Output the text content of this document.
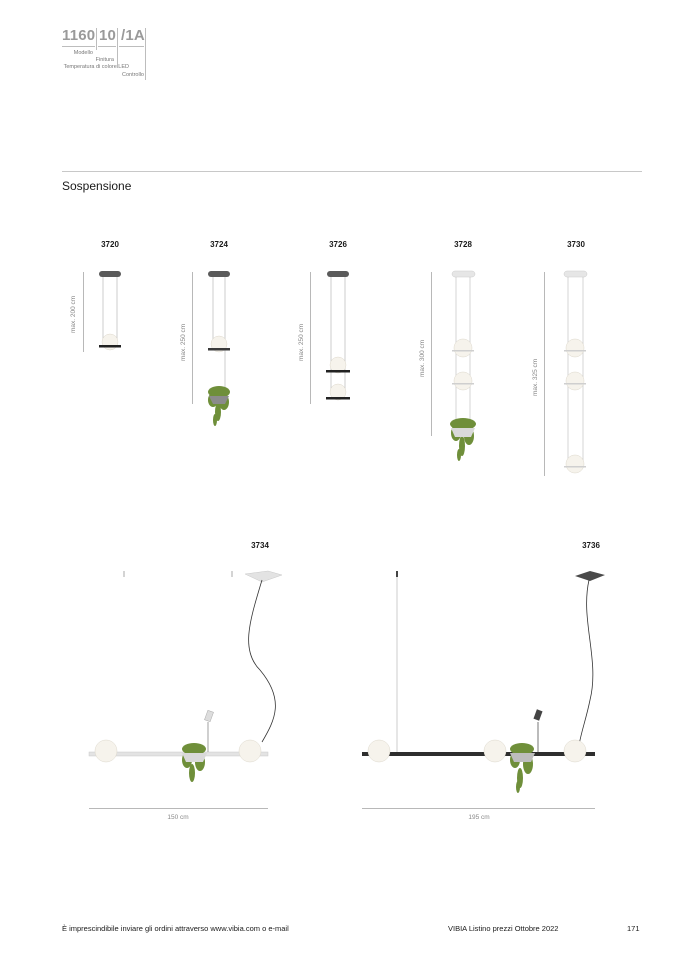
1160 10 /1A
Modello
Finitura
Temperatura di colore LED
Controllo
Sospensione
3720	3724	3726	3728	3730
max. 200 cm
max. 250 cm	max. 250 cm	max. 300 cm
max. 325 cm
3734	3736
150 cm	195 cm
È imprescindibile inviare gli ordini attraverso www.vibia.com o e-mail	VIBIA Listino prezzi Ottobre 2022	171
